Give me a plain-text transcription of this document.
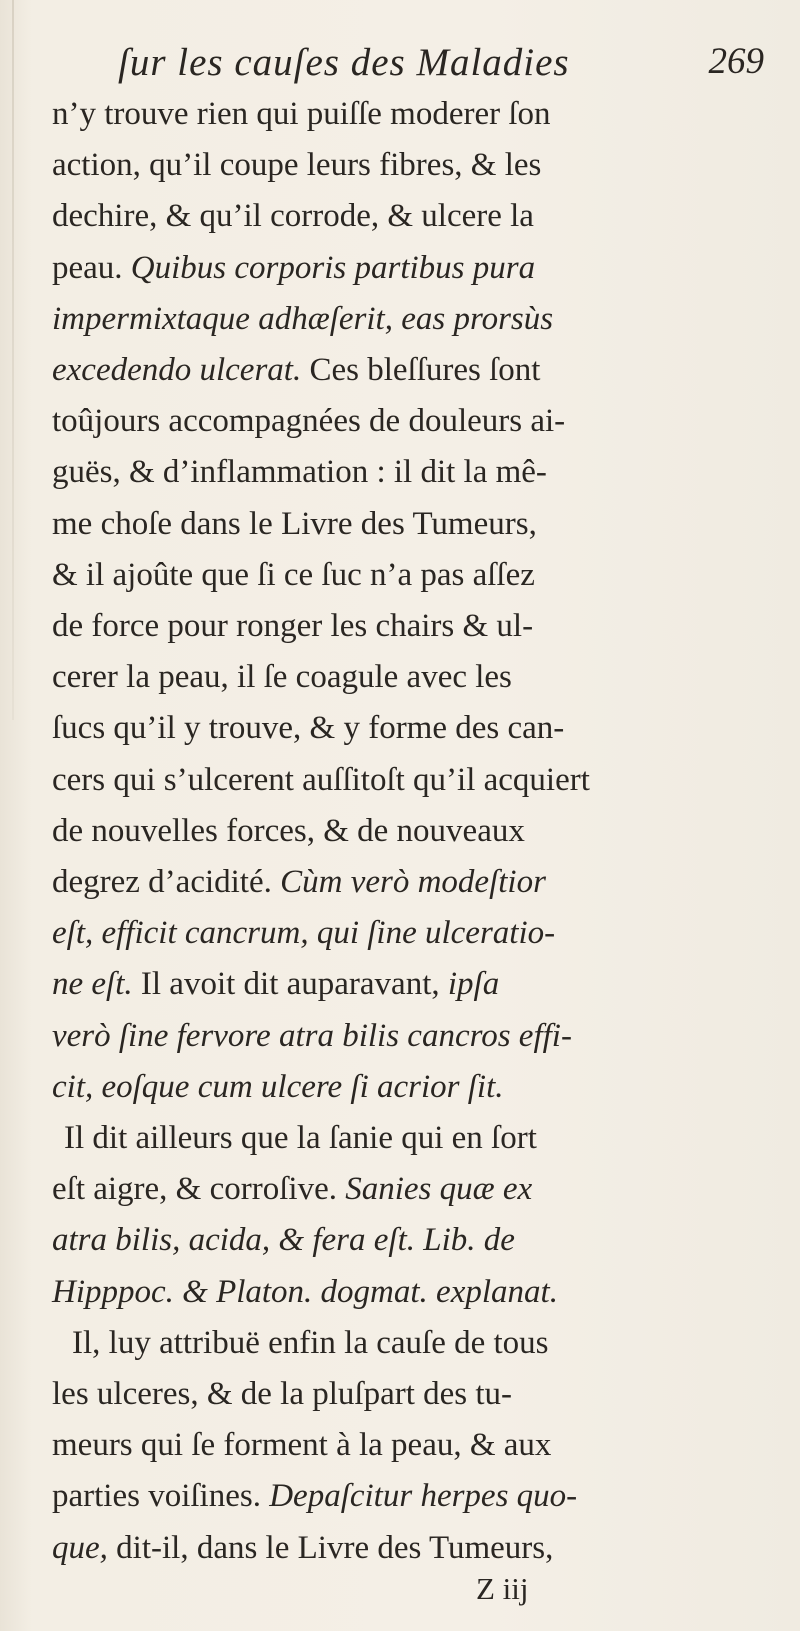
ſur les cauſes des Maladies	269
n’y trouve rien qui puiſſe moderer ſon
action, qu’il coupe leurs fibres, & les
dechire, & qu’il corrode, & ulcere la
peau. Quibus corporis partibus pura
impermixtaque adhæſerit, eas prorsùs
excedendo ulcerat. Ces bleſſures ſont
toûjours accompagnées de douleurs ai-
guës, & d’inflammation : il dit la mê-
me choſe dans le Livre des Tumeurs,
& il ajoûte que ſi ce ſuc n’a pas aſſez
de force pour ronger les chairs & ul-
cerer la peau, il ſe coagule avec les
ſucs qu’il y trouve, & y forme des can-
cers qui s’ulcerent auſſitoſt qu’il acquiert
de nouvelles forces, & de nouveaux
degrez d’acidité. Cùm verò modeſtior
eſt, efficit cancrum, qui ſine ulceratio-
ne eſt. Il avoit dit auparavant, ipſa
verò ſine fervore atra bilis cancros effi-
cit, eoſque cum ulcere ſi acrior ſit.
Il dit ailleurs que la ſanie qui en ſort
eſt aigre, & corroſive. Sanies quæ ex
atra bilis, acida, & fera eſt. Lib. de
Hipppoc. & Platon. dogmat. explanat.
Il, luy attribuë enfin la cauſe de tous
les ulceres, & de la pluſpart des tu-
meurs qui ſe forment à la peau, & aux
parties voiſines. Depaſcitur herpes quo-
que, dit-il, dans le Livre des Tumeurs,
Z iij
